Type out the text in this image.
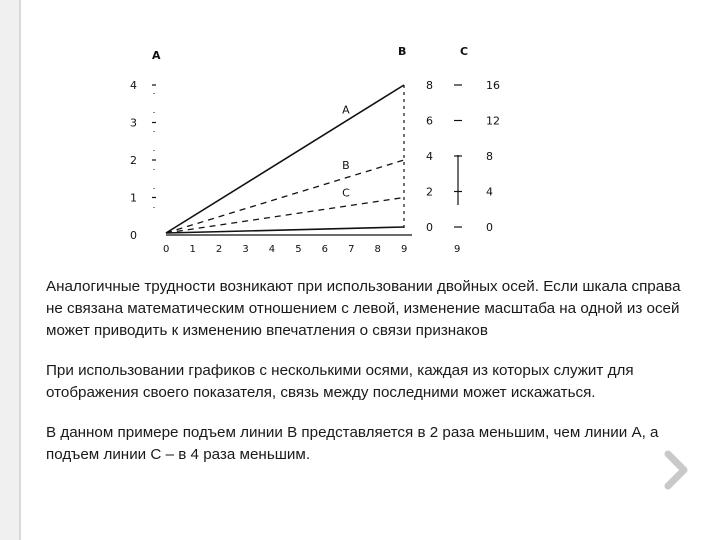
A	B	C
0
1
2
3
4
0 1 2 3 4 5 6 7 8 9
0
2
4
6
8
0
4
8
12
16
9
A
B
C

Аналогичные трудности возникают при использовании двойных осей. Если шкала справа не связана математическим отношением с левой, изменение масштаба на одной из осей может приводить к изменению впечатления о связи признаков

При использовании графиков с несколькими осями, каждая из которых служит для отображения своего показателя, связь между последними может искажаться.

В данном примере подъем линии B представляется в 2 раза меньшим, чем линии A, а подъем линии C – в 4 раза меньшим.
